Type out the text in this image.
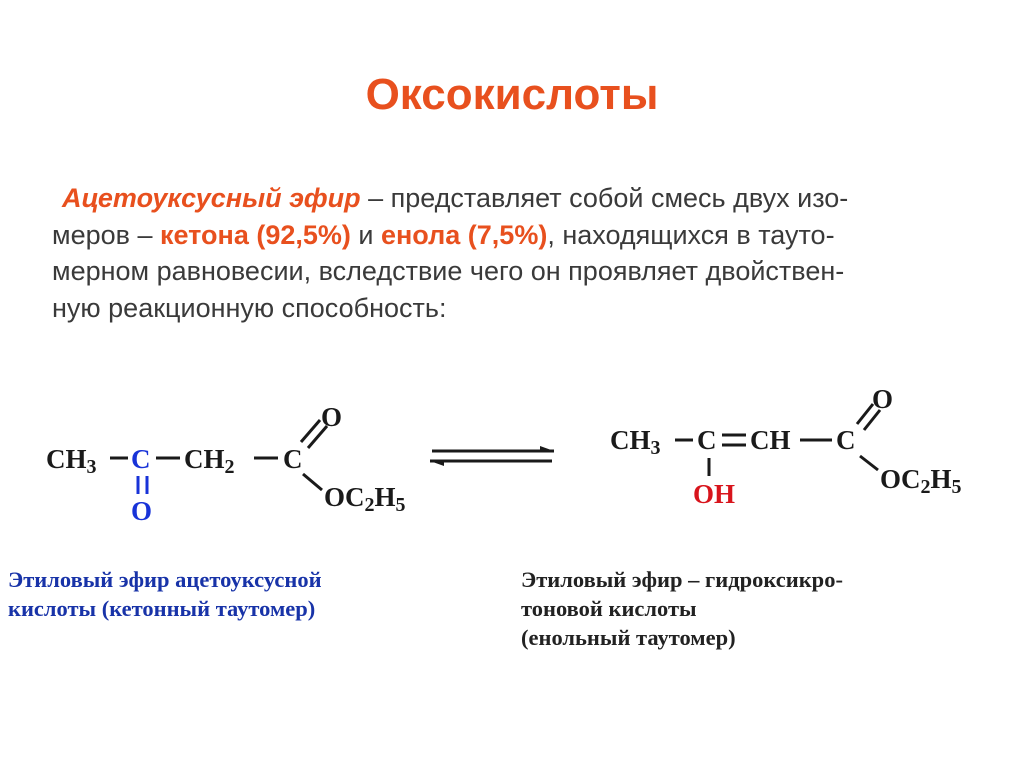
Оксокислоты
Ацетоуксусный эфир – представляет собой смесь двух изо-
меров – кетона (92,5%) и енола (7,5%), находящихся в тауто-
мерном равновесии, вследствие чего он проявляет двойствен-
ную реакционную способность:
$CH_3$ C
O
$CH_2$ C
O
$OC_2H_5$
$CH_3$ C CH C
O
OH	$OC_2H_5$
Этиловый эфир ацетоуксусной
кислоты (кетонный таутомер)
Этиловый эфир – гидроксикро-
тоновой кислоты
(енольный таутомер)
